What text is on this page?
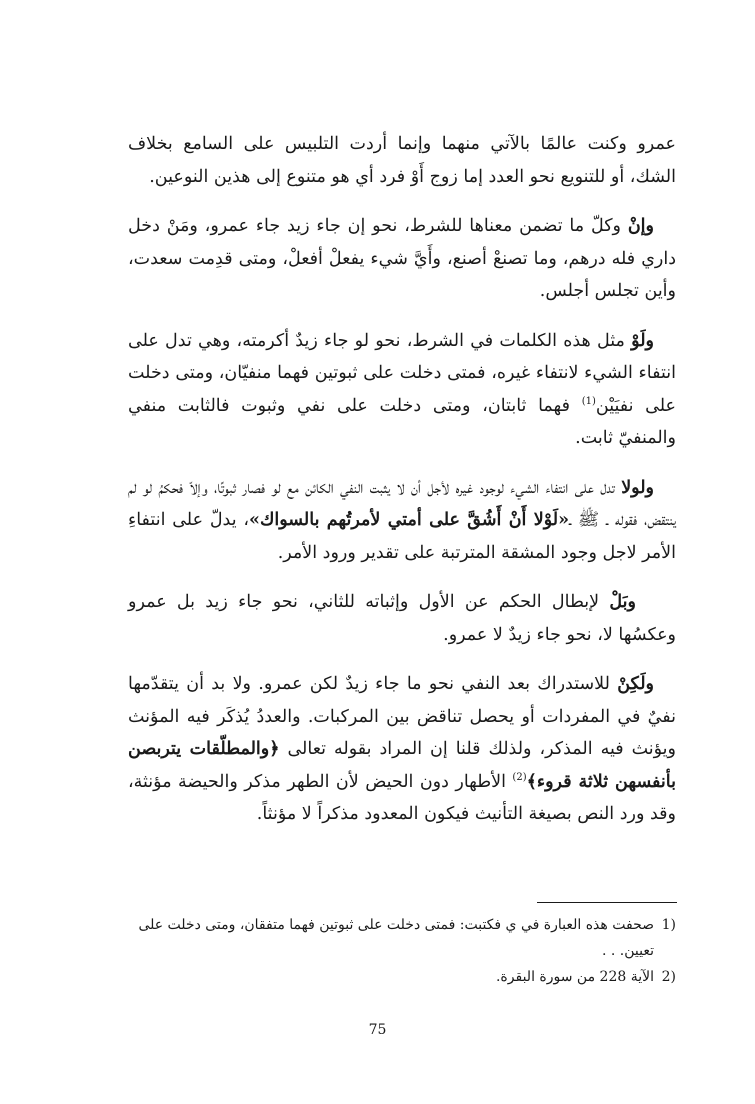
عمرو وكنت عالمًا بالآتي منهما وإنما أردت التلبيس على السامع بخلاف الشك، أو للتنويع نحو العدد إما زوج أَوْ فرد أي هو متنوع إلى هذين النوعين.

وإنْ وكلّ ما تضمن معناها للشرط، نحو إن جاء زيد جاء عمرو، ومَنْ دخل داري فله درهم، وما تصنعْ أصنع، وأَيَّ شيء يفعلْ أفعلْ، ومتى قدِمت سعدت، وأين تجلس أجلس.

ولَوْ مثل هذه الكلمات في الشرط، نحو لو جاء زيدٌ أكرمته، وهي تدل على انتفاء الشيء لانتفاء غيره، فمتى دخلت على ثبوتين فهما منفيّان، ومتى دخلت على نفيَيْن$^{(1)}$ فهما ثابتان، ومتى دخلت على نفي وثبوت فالثابت منفي والمنفيّ ثابت.

ولولا تدل على انتفاء الشيء لوجود غيره لأجل أن لا يثبت النفي الكائن مع لو فصار ثبوتًا، وإلاّ فحكمُ لو لم ينتقض، فقوله ـ ﷺ ـ«لَوْلا أَنْ أَشُقَّ على أمتي لأمرتُهم بالسواك»، يدلّ على انتفاءِ الأمر لاجل وجود المشقة المترتبة على تقدير ورود الأمر.

وبَلْ لإبطال الحكم عن الأول وإثباته للثاني، نحو جاء زيد بل عمرو وعكسُها لا، نحو جاء زيدٌ لا عمرو.

ولَكِنْ للاستدراك بعد النفي نحو ما جاء زيدٌ لكن عمرو. ولا بد أن يتقدّمها نفيٌ في المفردات أو يحصل تناقض بين المركبات. والعددُ يُذكَر فيه المؤنث ويؤنث فيه المذكر، ولذلك قلنا إن المراد بقوله تعالى ﴿والمطلّقات يتربصن بأنفسهن ثلاثة قروء﴾$^{(2)}$ الأطهار دون الحيض لأن الطهر مذكر والحيضة مؤنثة، وقد ورد النص بصيغة التأنيث فيكون المعدود مذكراً لا مؤنثاً.

(1
صحفت هذه العبارة في ي فكتبت: فمتى دخلت على ثبوتين فهما متفقان، ومتى دخلت على تعيين. . .

(2
الآية 228 من سورة البقرة.

75
